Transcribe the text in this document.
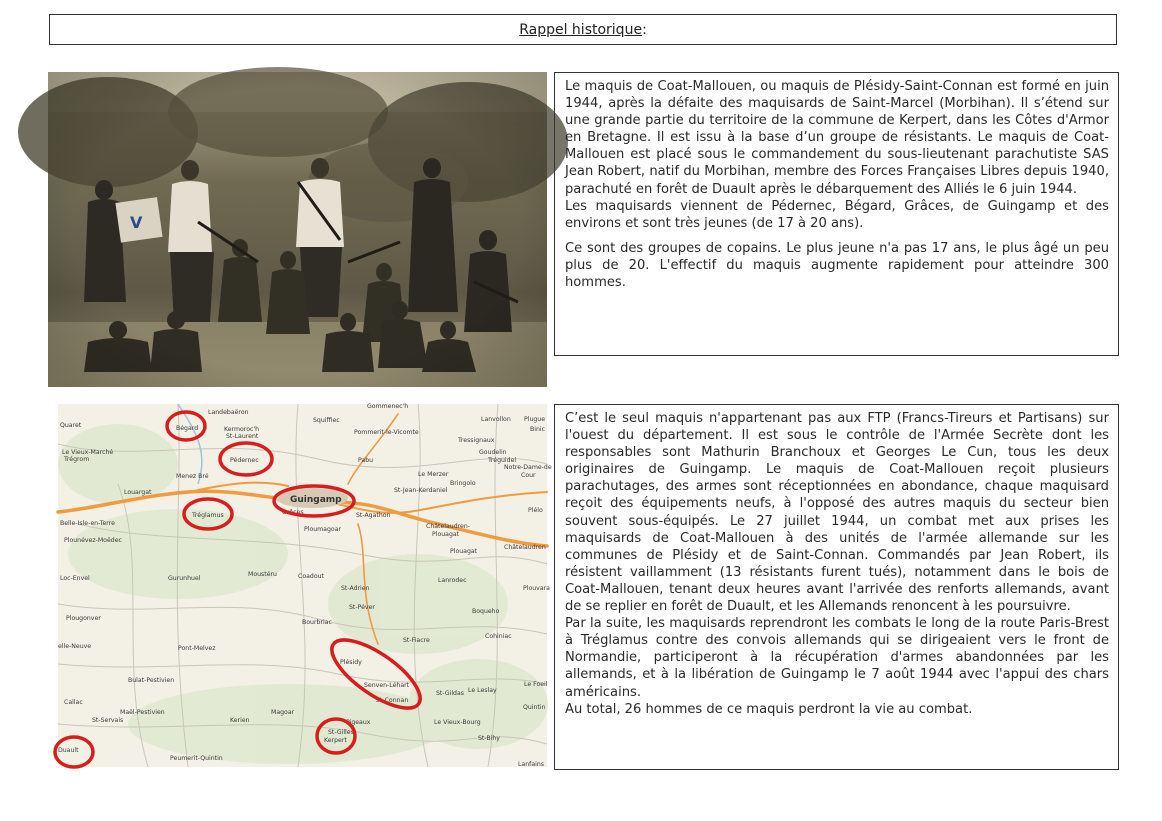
Rappel historique :
Landebaëron
Squiffiec
Gommenec'h
Kermoroc'h
St-Laurent
Pommerit-le-Vicomte
Lanvollon Plugue
Binic
Tressignaux
Goudelin
Quaret
Le Vieux-Marché
Trégrom
Bégard
Pédernec	Pabu	Tréguidel
Notre-Dame-de
Cour
Menez Bré	Le Merzer
Bringolo
Louargat
Guingamp
St-Jean-Kerdaniel
Tréglamus	Grâces	St-Agathon
Plélo
Belle-Isle-en-Terre
Ploumagoar	Châtelaudren-
Plouagat
Plouagat
Châtelaudren
Plounévez-Moëdec
Loc-Envel	Gurunhuel
Moustéru	Coadout
Lanrodec
Plouvara
St-Adrien
Plougonver
St-Péver
Boqueho
Bourbriac
elle-Neuve	Pont-Melvez
St-Fiacre
Cohiniac
Plésidy
Bulat-Pestivien
Senven-Léhart
St-Gildas Le Leslay
Le Foeil
St-Connan
Callac
Quintin
Maël-Pestivien	Magoar
St-Servais	Kerien
St-Gilles
Pigeaux	Le Vieux-Bourg
St-Bihy
Kerpert
Duault
Peumerit-Quintin
Lanfains

Le maquis de Coat-Mallouen, ou maquis de Plésidy-Saint-Connan est formé en juin 1944, après la défaite des maquisards de Saint-Marcel (Morbihan). Il s’étend sur une grande partie du territoire de la commune de Kerpert, dans les Côtes d'Armor en Bretagne. Il est issu à la base d’un groupe de résistants. Le maquis de Coat-Mallouen est placé sous le commandement du sous-lieutenant parachutiste SAS Jean Robert, natif du Morbihan, membre des Forces Françaises Libres depuis 1940, parachuté en forêt de Duault après le débarquement des Alliés le 6 juin 1944.

Les maquisards viennent de Pédernec, Bégard, Grâces, de Guingamp et des environs et sont très jeunes (de 17 à 20 ans).

Ce sont des groupes de copains. Le plus jeune n'a pas 17 ans, le plus âgé un peu plus de 20. L'effectif du maquis augmente rapidement pour atteindre 300 hommes.

C’est le seul maquis n'appartenant pas aux FTP (Francs-Tireurs et Partisans) sur l'ouest du département. Il est sous le contrôle de l'Armée Secrète dont les responsables sont Mathurin Branchoux et Georges Le Cun, tous les deux originaires de Guingamp. Le maquis de Coat-Mallouen reçoit plusieurs parachutages, des armes sont réceptionnées en abondance, chaque maquisard reçoit des équipements neufs, à l'opposé des autres maquis du secteur bien souvent sous-équipés. Le 27 juillet 1944, un combat met aux prises les maquisards de Coat-Mallouen à des unités de l'armée allemande sur les communes de Plésidy et de Saint-Connan. Commandés par Jean Robert, ils résistent vaillamment (13 résistants furent tués), notamment dans le bois de Coat-Mallouen, tenant deux heures avant l'arrivée des renforts allemands, avant de se replier en forêt de Duault, et les Allemands renoncent à les poursuivre.

Par la suite, les maquisards reprendront les combats le long de la route Paris-Brest à Tréglamus contre des convois allemands qui se dirigeaient vers le front de Normandie, participeront à la récupération d'armes abandonnées par les allemands, et à la libération de Guingamp le 7 août 1944 avec l'appui des chars américains.

Au total, 26 hommes de ce maquis perdront la vie au combat.
